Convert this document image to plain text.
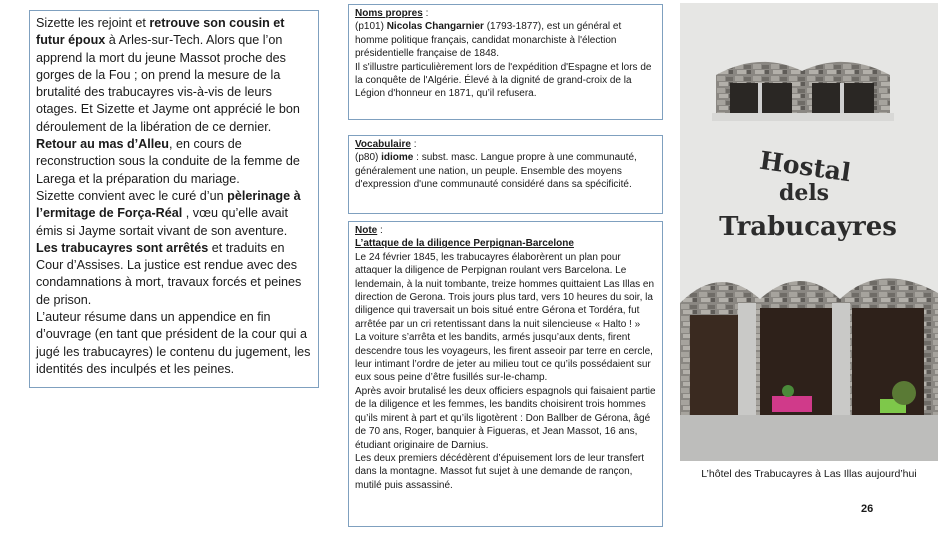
Sizette les rejoint et retrouve son cousin et futur époux à Arles-sur-Tech. Alors que l’on apprend la mort du jeune Massot proche des gorges de la Fou ; on prend la mesure de la brutalité des trabucayres vis-à-vis de leurs otages. Et Sizette et Jayme ont apprécié le bon déroulement de la libération de ce dernier.

Retour au mas d’Alleu, en cours de reconstruction sous la conduite de la femme de Larega et la préparation du mariage.

Sizette convient avec le curé d’un pèlerinage à l’ermitage de Força-Réal , vœu qu’elle avait émis si Jayme sortait vivant de son aventure.

Les trabucayres sont arrêtés et traduits en Cour d’Assises. La justice est rendue avec des condamnations à mort, travaux forcés et peines de prison.

L’auteur résume dans un appendice en fin d’ouvrage (en tant que président de la cour qui a jugé les trabucayres) le contenu du jugement, les identités des inculpés et les peines.

Noms propres :

(p101) Nicolas Changarnier (1793-1877), est un général et homme politique français, candidat monarchiste à l'élection présidentielle française de 1848.

Il s'illustre particulièrement lors de l'expédition d'Espagne et lors de la conquête de l'Algérie. Élevé à la dignité de grand-croix de la Légion d'honneur en 1871, qu’il refusera.

Vocabulaire :

(p80) idiome : subst. masc. Langue propre à une communauté, généralement une nation, un peuple. Ensemble des moyens d'expression d'une communauté considéré dans sa spécificité.

Note :

L’attaque de la diligence Perpignan-Barcelone

Le 24 février 1845, les trabucayres élaborèrent un plan pour attaquer la diligence de Perpignan roulant vers Barcelona. Le lendemain, à la nuit tombante, treize hommes quittaient Las Illas en direction de Gerona. Trois jours plus tard, vers 10 heures du soir, la diligence qui traversait un bois situé entre Gérona et Tordéra, fut arrêtée par un cri retentissant dans la nuit silencieuse « Halto ! »

La voiture s’arrêta et les bandits, armés jusqu’aux dents, firent descendre tous les voyageurs, les firent asseoir par terre en cercle, leur intimant l’ordre de jeter au milieu tout ce qu’ils possédaient sur eux sous peine d’être fusillés sur-le-champ.

Après avoir brutalisé les deux officiers espagnols qui faisaient partie de la diligence et les femmes, les bandits choisirent trois hommes qu’ils mirent à part et qu’ils ligotèrent : Don Ballber de Gérona, âgé de 70 ans, Roger, banquier à Figueras, et Jean Massot, 16 ans, étudiant originaire de Darnius.

Les deux premiers décédèrent d’épuisement lors de leur transfert dans la montagne. Massot fut sujet à une demande de rançon, mutilé puis assassiné.

Hostal
dels
Trabucayres
L’hôtel des Trabucayres à Las Illas aujourd’hui
26
